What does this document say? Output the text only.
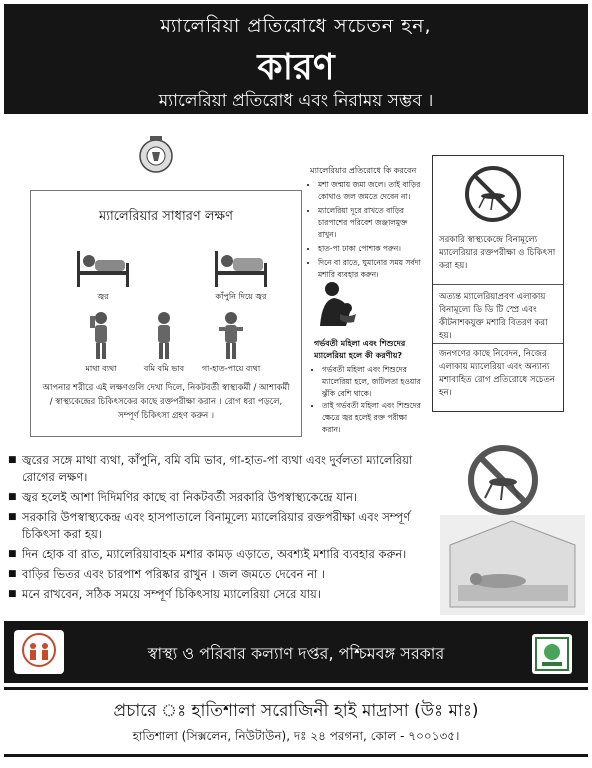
ম্যালেরিয়া প্রতিরোধে সচেতন হন,
কারণ
ম্যালেরিয়া প্রতিরোধ এবং নিরাময় সম্ভব ।
ম্যালেরিয়ার সাধারণ লক্ষণ
জ্বর	কাঁপুনি দিয়ে জ্বর
মাথা ব্যথা	বমি বমি ভাব	গা-হাত-পায়ে ব্যথা
আপনার শরীরে এই লক্ষণগুলি দেখা দিলে, নিকটবর্তী স্বাস্থ্যকর্মী / আশাকর্মী / স্বাস্থ্যকেন্দ্রের চিকিৎসকের কাছে রক্তপরীক্ষা করান । রোগ ধরা পড়লে, সম্পূর্ণ চিকিৎসা গ্রহণ করুন ।
ম্যালেরিয়ার প্রতিরোধে কি করবেন
• মশা জন্মায় জমা জলে। তাই বাড়ির কোথাও জল জমতে দেবেন না।
• ম্যালেরিয়া দূরে রাখতে বাড়ির চারপাশের পরিবেশ জঞ্জালমুক্ত রাখুন।
• হাত-পা ঢাকা পোশাক পরুন।
• দিনে বা রাতে, ঘুমানোর সময় সর্বদা মশারি ব্যবহার করুন।
গর্ভবতী মহিলা এবং শিশুদের ম্যালেরিয়া হলে কী করণীয়?
• গর্ভবতী মহিলা এবং শিশুদের ম্যালেরিয়া হলে, জটিলতা হওয়ার ঝুঁকি বেশি থাকে।
• তাই গর্ভবতী মহিলা এবং শিশুদের ক্ষেত্রে জ্বর হলেই রক্ত পরীক্ষা করান।

সরকারি স্বাস্থ্যকেন্দ্রে বিনামূল্যে ম্যালেরিয়ার রক্তপরীক্ষা ও চিকিৎসা করা হয়।

অত্যন্ত ম্যালেরিয়াপ্রবণ এলাকায় বিনামূল্যে ডি ডি টি স্প্রে এবং কীটনাশকযুক্ত মশারি বিতরণ করা হয়।

জনগণের কাছে নিবেদন, নিজের এলাকায় ম্যালেরিয়া এবং অন্যান্য মশাবাহিত রোগ প্রতিরোধে সচেতন হন।

■ জ্বরের সঙ্গে মাথা ব্যথা, কাঁপুনি, বমি বমি ভাব, গা-হাত-পা ব্যথা এবং দুর্বলতা ম্যালেরিয়া রোগের লক্ষণ।
■ জ্বর হলেই আশা দিদিমণির কাছে বা নিকটবর্তী সরকারি উপস্বাস্থ্যকেন্দ্রে যান।
■ সরকারি উপস্বাস্থ্যকেন্দ্র এবং হাসপাতালে বিনামূল্যে ম্যালেরিয়ার রক্তপরীক্ষা এবং সম্পূর্ণ চিকিৎসা করা হয়।
■ দিন হোক বা রাত, ম্যালেরিয়াবাহক মশার কামড় এড়াতে, অবশ্যই মশারি ব্যবহার করুন।
■ বাড়ির ভিতর এবং চারপাশ পরিষ্কার রাখুন । জল জমতে দেবেন না ।
■ মনে রাখবেন, সঠিক সময়ে সম্পূর্ণ চিকিৎসায় ম্যালেরিয়া সেরে যায়।
স্বাস্থ্য ও পরিবার কল্যাণ দপ্তর, পশ্চিমবঙ্গ সরকার
প্রচারে ঃ হাতিশালা সরোজিনী হাই মাদ্রাসা (উঃ মাঃ)
হাতিশালা (সিক্সলেন, নিউটাউন), দঃ ২৪ পরগনা, কোল - ৭০০১৩৫।
